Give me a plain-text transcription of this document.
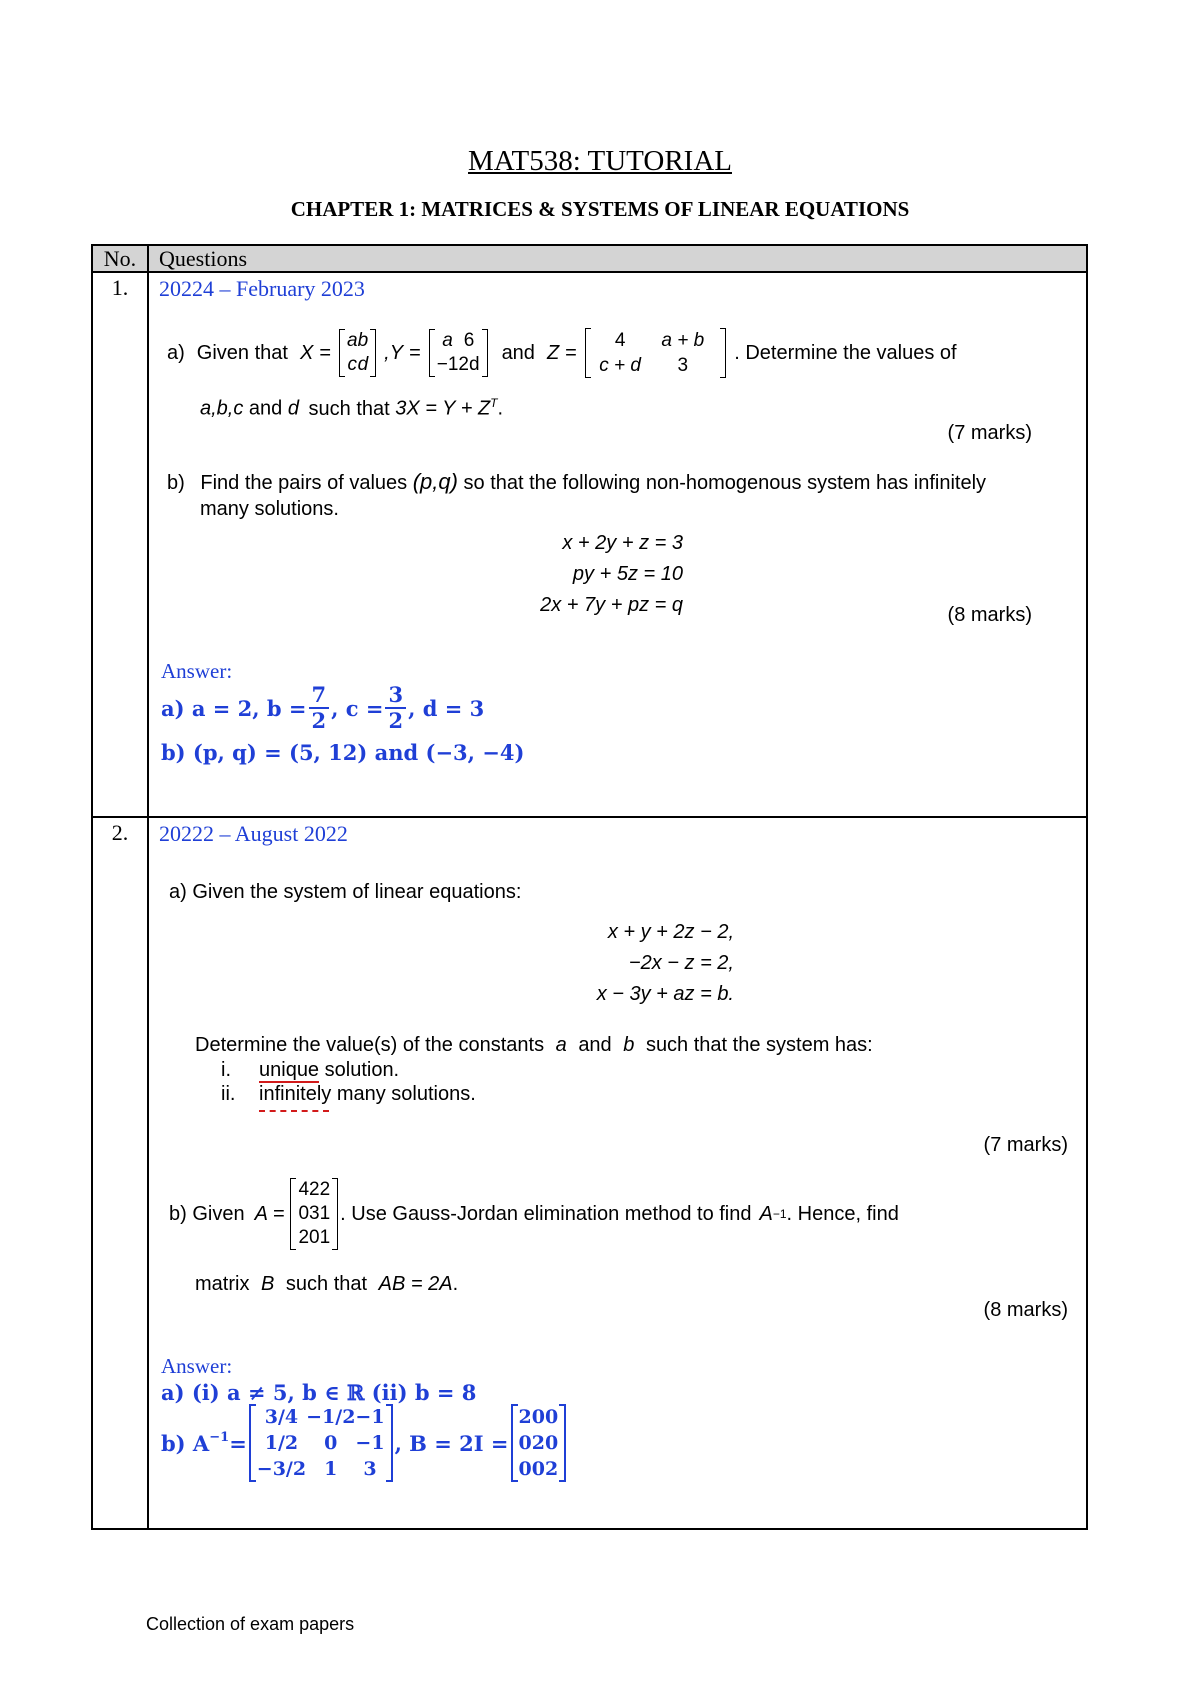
MAT538: TUTORIAL
CHAPTER 1: MATRICES & SYSTEMS OF LINEAR EQUATIONS
No.	Questions
1.	20224 – February 2023
a) Given that X =
a	b
c	d
,Y =
a	6
−1	2d
and Z =
4	a + b
c + d	3
. Determine the values of
a,b,c and d such that $3X = Y + Z^T$.
(7 marks)
b) Find the pairs of values (p,q) so that the following non-homogenous system has infinitely
many solutions.
x + 2y + z = 3
py + 5z = 10
2x + 7y + pz = q	(8 marks)
Answer:
a) a = 2, $b = \frac{7}{2}$ , $c = \frac{3}{2}$ , d = 3
b) (p, q) = (5, 12) and (−3, −4)

2.	20222 – August 2022
a) Given the system of linear equations:
x + y + 2z − 2,
−2x − z = 2,
x − 3y + az = b.
Determine the value(s) of the constants a and b such that the system has:
i. unique solution.
ii. infinitely many solutions.
(7 marks)
b) Given A =
4	2	2
0	3	1
2	0	1
. Use Gauss-Jordan elimination method to find A −1 . Hence, find
matrix B such that AB = 2A.
(8 marks)
Answer:
a) (i) a ≠ 5, b ∈ ℝ (ii) b = 8
b) $A^{-1}$ =
3/4	−1/2	−1
1/2	0	−1
−3/2	1	3
, B = 2I =
2	0	0
0	2	0
0	0	2
Collection of exam papers
